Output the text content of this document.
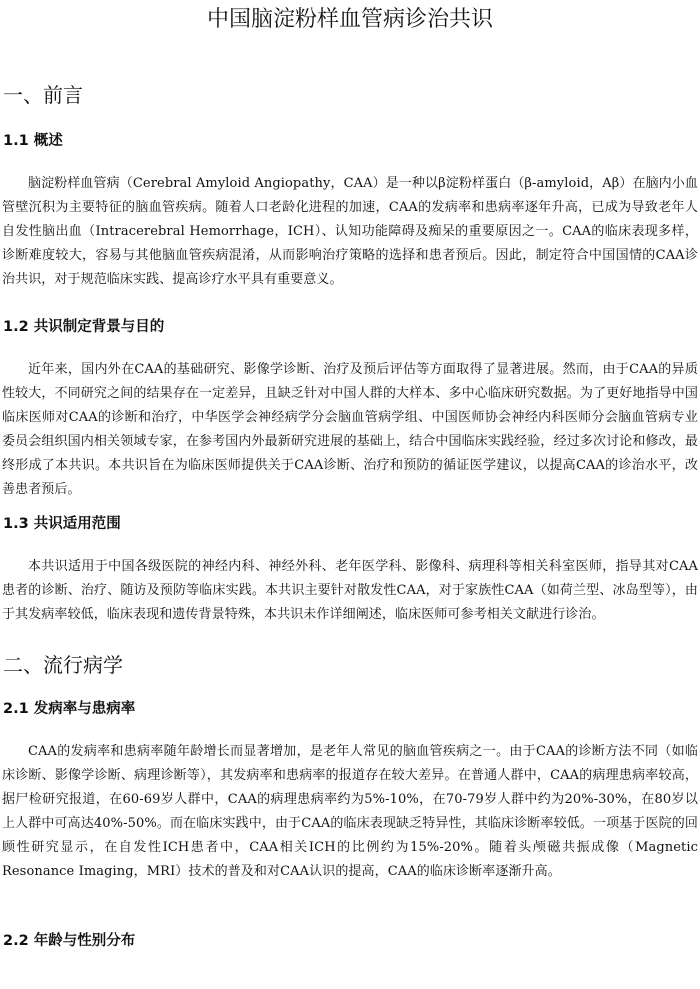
中国脑淀粉样血管病诊治共识
一、前言
1.1 概述
脑淀粉样血管病（Cerebral Amyloid Angiopathy，CAA）是一种以β淀粉样蛋白（β-amyloid，Aβ）在脑内小血管壁沉积为主要特征的脑血管疾病。随着人口老龄化进程的加速，CAA的发病率和患病率逐年升高，已成为导致老年人自发性脑出血（Intracerebral Hemorrhage，ICH）、认知功能障碍及痴呆的重要原因之一。CAA的临床表现多样，诊断难度较大，容易与其他脑血管疾病混淆，从而影响治疗策略的选择和患者预后。因此，制定符合中国国情的CAA诊治共识，对于规范临床实践、提高诊疗水平具有重要意义。
1.2 共识制定背景与目的
近年来，国内外在CAA的基础研究、影像学诊断、治疗及预后评估等方面取得了显著进展。然而，由于CAA的异质性较大，不同研究之间的结果存在一定差异，且缺乏针对中国人群的大样本、多中心临床研究数据。为了更好地指导中国临床医师对CAA的诊断和治疗，中华医学会神经病学分会脑血管病学组、中国医师协会神经内科医师分会脑血管病专业委员会组织国内相关领域专家，在参考国内外最新研究进展的基础上，结合中国临床实践经验，经过多次讨论和修改，最终形成了本共识。本共识旨在为临床医师提供关于CAA诊断、治疗和预防的循证医学建议，以提高CAA的诊治水平，改善患者预后。
1.3 共识适用范围
本共识适用于中国各级医院的神经内科、神经外科、老年医学科、影像科、病理科等相关科室医师，指导其对CAA患者的诊断、治疗、随访及预防等临床实践。本共识主要针对散发性CAA，对于家族性CAA（如荷兰型、冰岛型等），由于其发病率较低，临床表现和遗传背景特殊，本共识未作详细阐述，临床医师可参考相关文献进行诊治。
二、流行病学
2.1 发病率与患病率
CAA的发病率和患病率随年龄增长而显著增加，是老年人常见的脑血管疾病之一。由于CAA的诊断方法不同（如临床诊断、影像学诊断、病理诊断等），其发病率和患病率的报道存在较大差异。在普通人群中，CAA的病理患病率较高，据尸检研究报道，在60-69岁人群中，CAA的病理患病率约为5%-10%，在70-79岁人群中约为20%-30%，在80岁以上人群中可高达40%-50%。而在临床实践中，由于CAA的临床表现缺乏特异性，其临床诊断率较低。一项基于医院的回顾性研究显示，在自发性ICH患者中，CAA相关ICH的比例约为15%-20%。随着头颅磁共振成像（Magnetic Resonance Imaging，MRI）技术的普及和对CAA认识的提高，CAA的临床诊断率逐渐升高。
2.2 年龄与性别分布
